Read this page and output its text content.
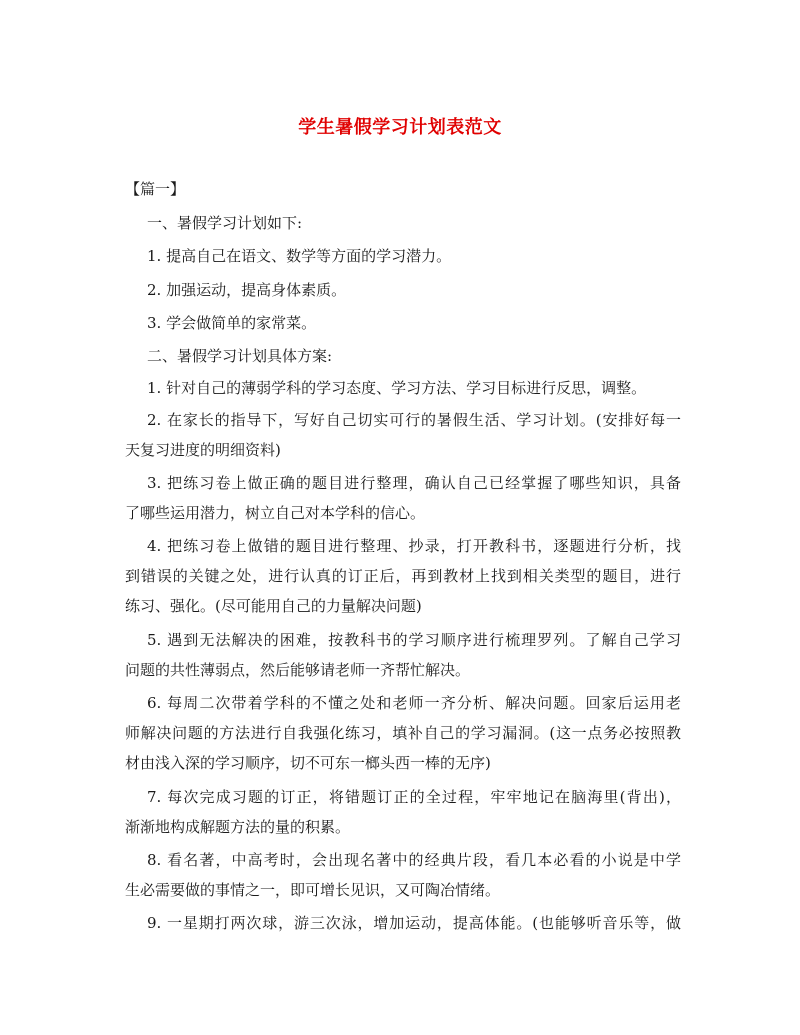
学生暑假学习计划表范文
【篇一】
一、暑假学习计划如下:
1. 提高自己在语文、数学等方面的学习潜力。
2. 加强运动，提高身体素质。
3. 学会做简单的家常菜。
二、暑假学习计划具体方案:
1. 针对自己的薄弱学科的学习态度、学习方法、学习目标进行反思，调整。
2. 在家长的指导下，写好自己切实可行的暑假生活、学习计划。(安排好每一
天复习进度的明细资料)
3. 把练习卷上做正确的题目进行整理，确认自己已经掌握了哪些知识，具备
了哪些运用潜力，树立自己对本学科的信心。
4. 把练习卷上做错的题目进行整理、抄录，打开教科书，逐题进行分析，找
到错误的关键之处，进行认真的订正后，再到教材上找到相关类型的题目，进行
练习、强化。(尽可能用自己的力量解决问题)
5. 遇到无法解决的困难，按教科书的学习顺序进行梳理罗列。了解自己学习
问题的共性薄弱点，然后能够请老师一齐帮忙解决。
6. 每周二次带着学科的不懂之处和老师一齐分析、解决问题。回家后运用老
师解决问题的方法进行自我强化练习，填补自己的学习漏洞。(这一点务必按照教
材由浅入深的学习顺序，切不可东一榔头西一棒的无序)
7. 每次完成习题的订正，将错题订正的全过程，牢牢地记在脑海里(背出)，
渐渐地构成解题方法的量的积累。
8. 看名著，中高考时，会出现名著中的经典片段，看几本必看的小说是中学
生必需要做的事情之一，即可增长见识，又可陶冶情绪。
9. 一星期打两次球，游三次泳，增加运动，提高体能。(也能够听音乐等，做
